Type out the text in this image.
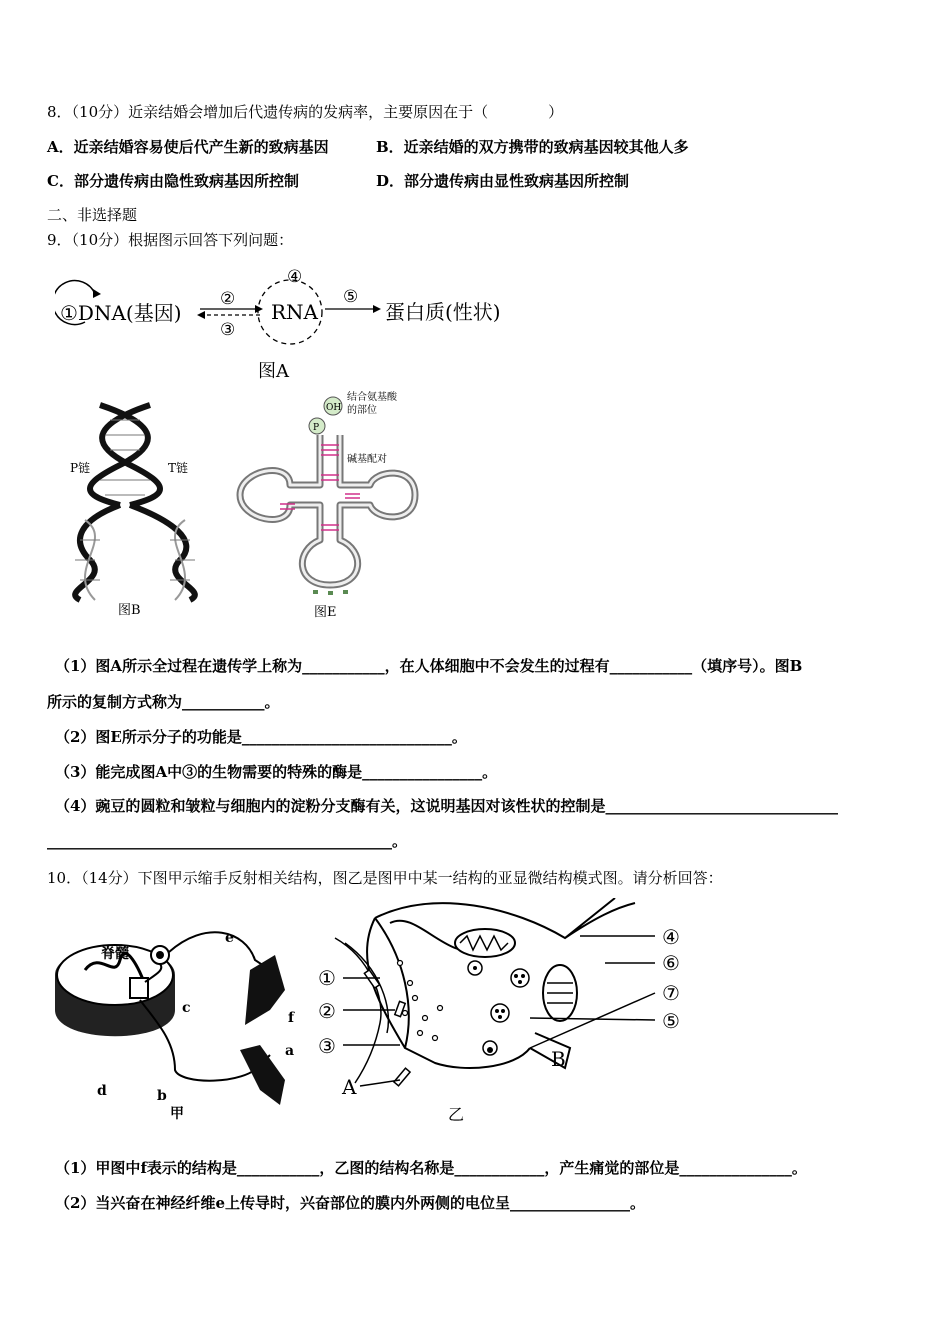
8．（10分）近亲结婚会增加后代遗传病的发病率，主要原因在于（　　　　）
A．近亲结婚容易使后代产生新的致病基因	B．近亲结婚的双方携带的致病基因较其他人多
C．部分遗传病由隐性致病基因所控制	D．部分遗传病由显性致病基因所控制
二、非选择题
9．（10分）根据图示回答下列问题：
①DNA(基因)
②
③
RNA
④
⑤
蛋白质(性状)
图A
P链	T链
图B
OH
P
结合氨基酸
的部位
碱基配对
图E
（1）图A所示全过程在遗传学上称为___________，在人体细胞中不会发生的过程有___________（填序号）。图B
所示的复制方式称为___________。
（2）图E所示分子的功能是____________________________。
（3）能完成图A中③的生物需要的特殊的酶是________________。
（4）豌豆的圆粒和皱粒与细胞内的淀粉分支酶有关，这说明基因对该性状的控制是_______________________________
______________________________________________。
10．（14分）下图甲示缩手反射相关结构，图乙是图甲中某一结构的亚显微结构模式图。请分析回答：
脊髓
a
b
c
d
e
f
甲
①
②
③
④
⑥
⑦
⑤
A
B
乙
（1）甲图中f表示的结构是___________，乙图的结构名称是____________，产生痛觉的部位是_______________。
（2）当兴奋在神经纤维e上传导时，兴奋部位的膜内外两侧的电位呈________________。
